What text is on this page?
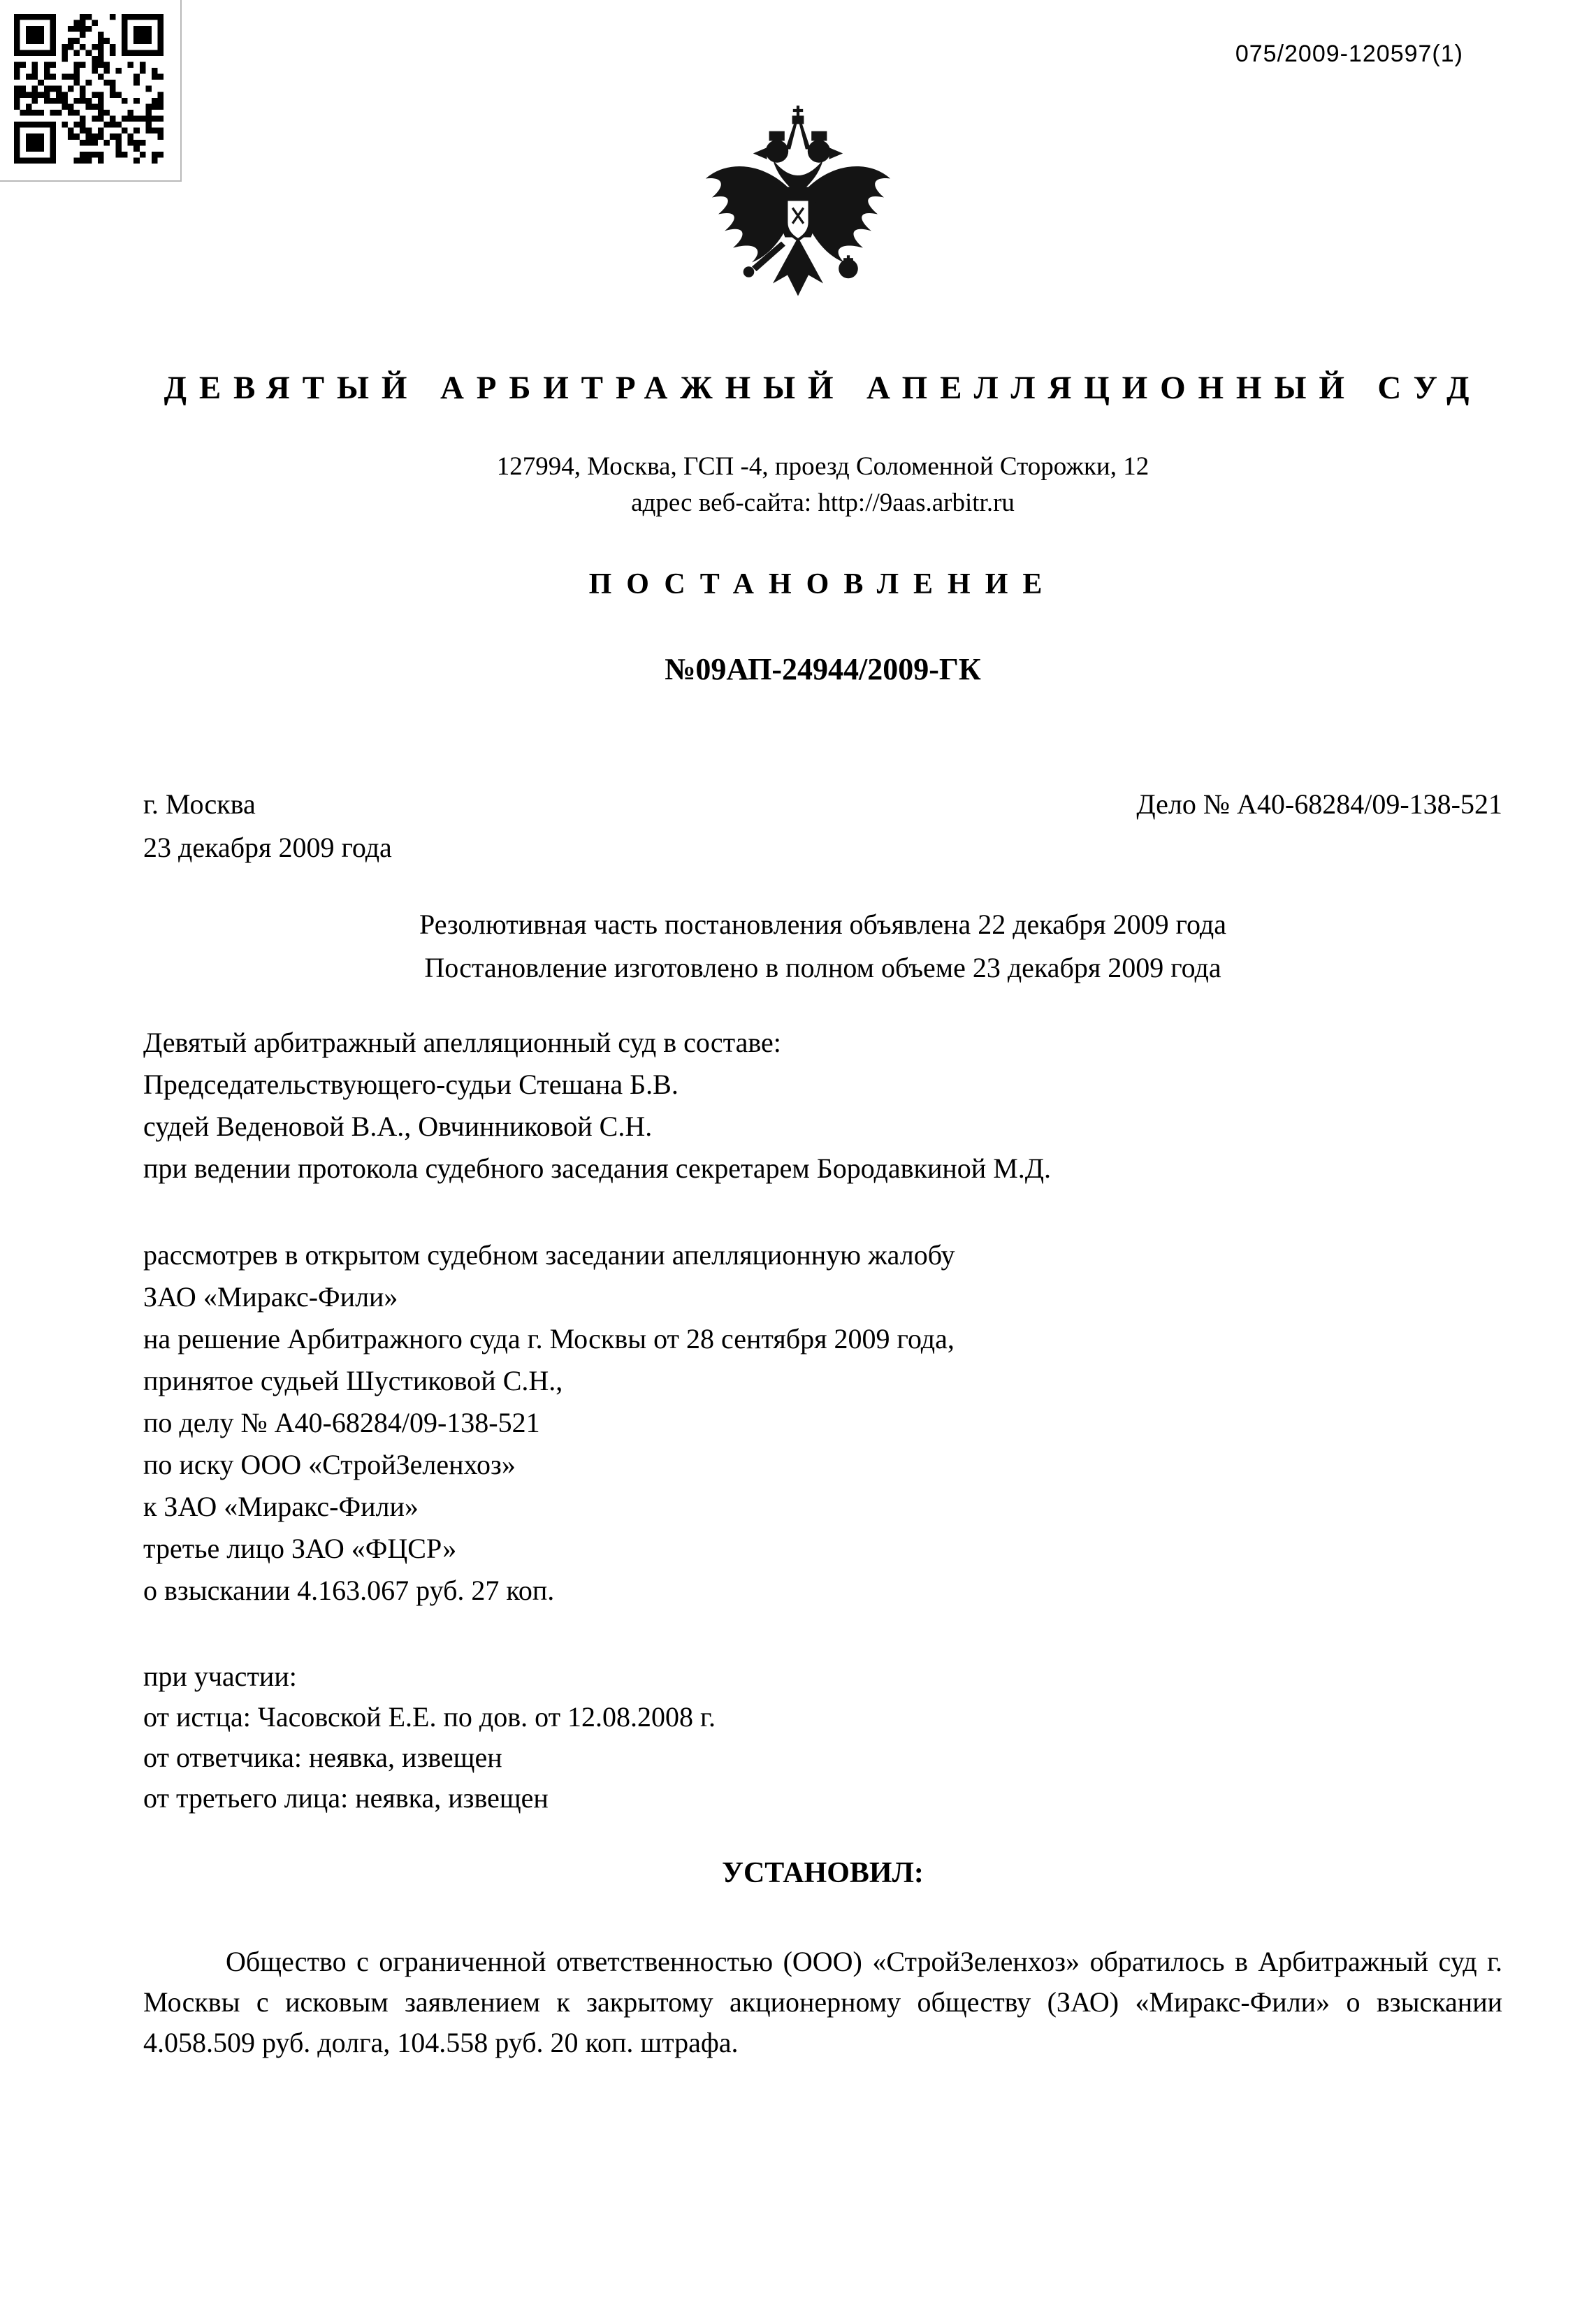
075/2009-120597(1)
ДЕВЯТЫЙ АРБИТРАЖНЫЙ АПЕЛЛЯЦИОННЫЙ СУД
127994, Москва, ГСП -4, проезд Соломенной Сторожки, 12
адрес веб-сайта: http://9aas.arbitr.ru
ПОСТАНОВЛЕНИЕ
№09АП-24944/2009-ГК
г. Москва	Дело № А40-68284/09-138-521
23 декабря 2009 года
Резолютивная часть постановления объявлена 22 декабря 2009 года
Постановление изготовлено в полном объеме 23 декабря 2009 года
Девятый арбитражный апелляционный суд в составе:
Председательствующего-судьи Стешана Б.В.
судей Веденовой В.А., Овчинниковой С.Н.
при ведении протокола судебного заседания секретарем Бородавкиной М.Д.
рассмотрев в открытом судебном заседании апелляционную жалобу
ЗАО «Миракс-Фили»
на решение Арбитражного суда г. Москвы от 28 сентября 2009 года,
принятое судьей Шустиковой С.Н.,
по делу № А40-68284/09-138-521
по иску ООО «СтройЗеленхоз»
к ЗАО «Миракс-Фили»
третье лицо ЗАО «ФЦСР»
о взыскании 4.163.067 руб. 27 коп.
при участии:
от истца: Часовской Е.Е. по дов. от 12.08.2008 г.
от ответчика: неявка, извещен
от третьего лица: неявка, извещен
УСТАНОВИЛ:
Общество с ограниченной ответственностью (ООО) «СтройЗеленхоз» обратилось в Арбитражный суд г. Москвы с исковым заявлением к закрытому акционерному обществу (ЗАО) «Миракс-Фили» о взыскании 4.058.509 руб. долга, 104.558 руб. 20 коп. штрафа.
